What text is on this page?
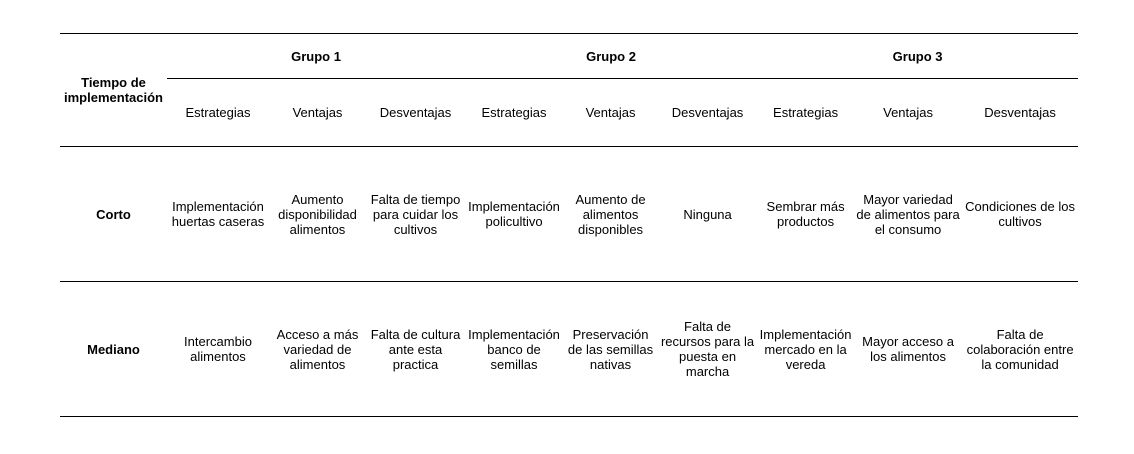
Tiempo de implementación	Grupo 1			Grupo 2			Grupo 3		
	Estrategias	Ventajas	Desventajas	Estrategias	Ventajas	Desventajas	Estrategias	Ventajas	Desventajas
Corto	Implementación huertas caseras	Aumento disponibilidad alimentos	Falta de tiempo para cuidar los cultivos	Implementación policultivo	Aumento de alimentos disponibles	Ninguna	Sembrar más productos	Mayor variedad de alimentos para el consumo	Condiciones de los cultivos
Mediano	Intercambio alimentos	Acceso a más variedad de alimentos	Falta de cultura ante esta practica	Implementación banco de semillas	Preservación de las semillas nativas	Falta de recursos para la puesta en marcha	Implementación mercado en la vereda	Mayor acceso a los alimentos	Falta de colaboración entre la comunidad
